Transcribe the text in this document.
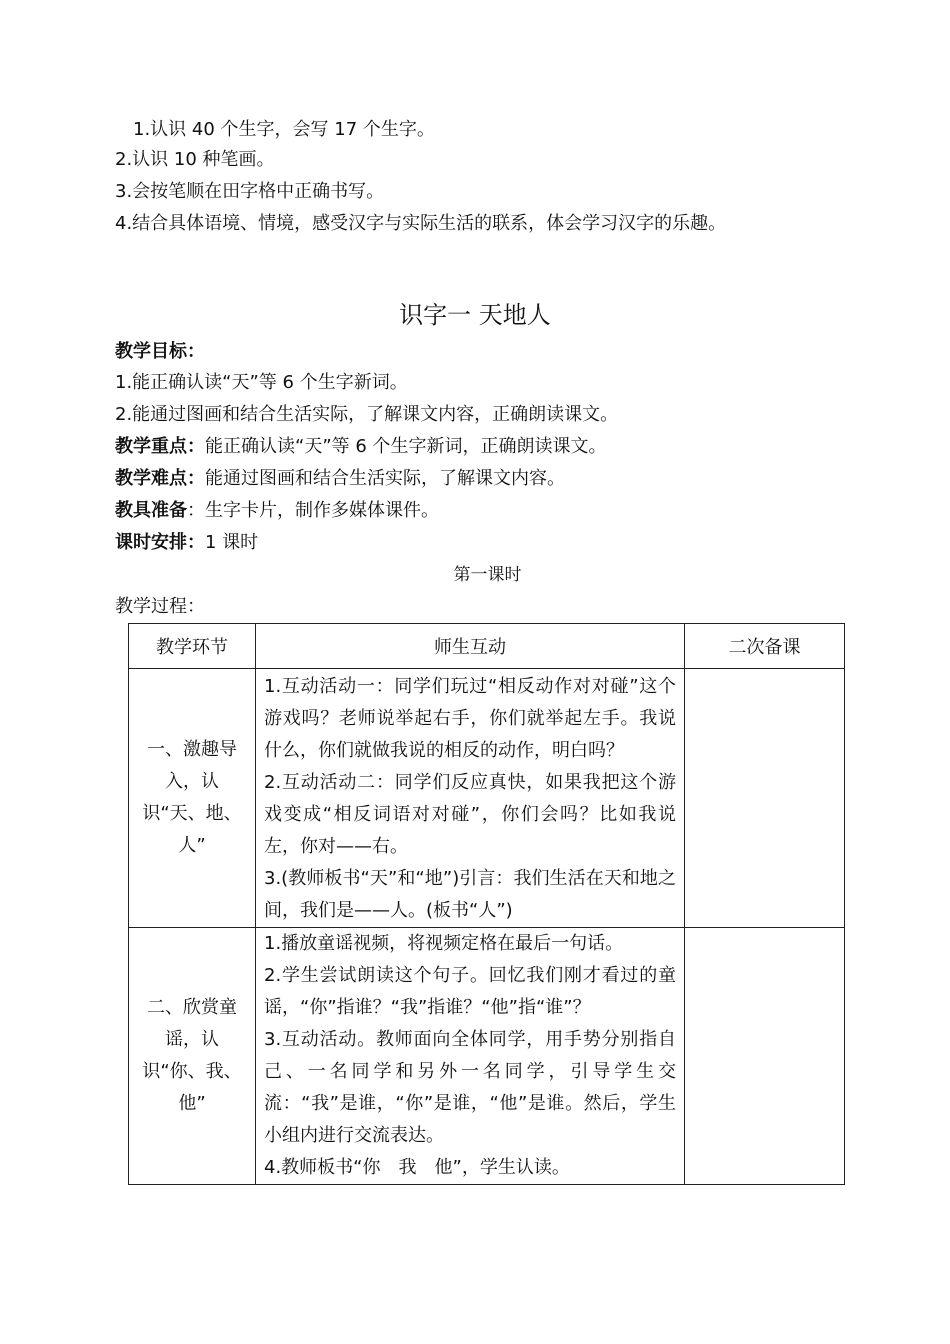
1.认识 40 个生字，会写 17 个生字。
2.认识 10 种笔画。
3.会按笔顺在田字格中正确书写。
4.结合具体语境、情境，感受汉字与实际生活的联系，体会学习汉字的乐趣。
识字一 天地人
教学目标：
1.能正确认读“天”等 6 个生字新词。
2.能通过图画和结合生活实际，了解课文内容，正确朗读课文。
教学重点：能正确认读“天”等 6 个生字新词，正确朗读课文。
教学难点：能通过图画和结合生活实际，了解课文内容。
教具准备：生字卡片，制作多媒体课件。
课时安排：1 课时
第一课时
教学过程：
教学环节	师生互动	二次备课
一、激趣导入，认识“天、地、人”	1.互动活动一：同学们玩过“相反动作对对碰”这个游戏吗？老师说举起右手，你们就举起左手。我说什么，你们就做我说的相反的动作，明白吗？
2.互动活动二：同学们反应真快，如果我把这个游戏变成“相反词语对对碰”，你们会吗？比如我说左，你对——右。
3.(教师板书“天”和“地”)引言：我们生活在天和地之间，我们是——人。(板书“人”)	

二、欣赏童谣，认识“你、我、他”	1.播放童谣视频，将视频定格在最后一句话。
2.学生尝试朗读这个句子。回忆我们刚才看过的童谣，“你”指谁？“我”指谁？“他”指“谁”？
3.互动活动。教师面向全体同学，用手势分别指自己、一名同学和另外一名同学，引导学生交流：“我”是谁，“你”是谁，“他”是谁。然后，学生小组内进行交流表达。
4.教师板书“你　我　他”，学生认读。	
